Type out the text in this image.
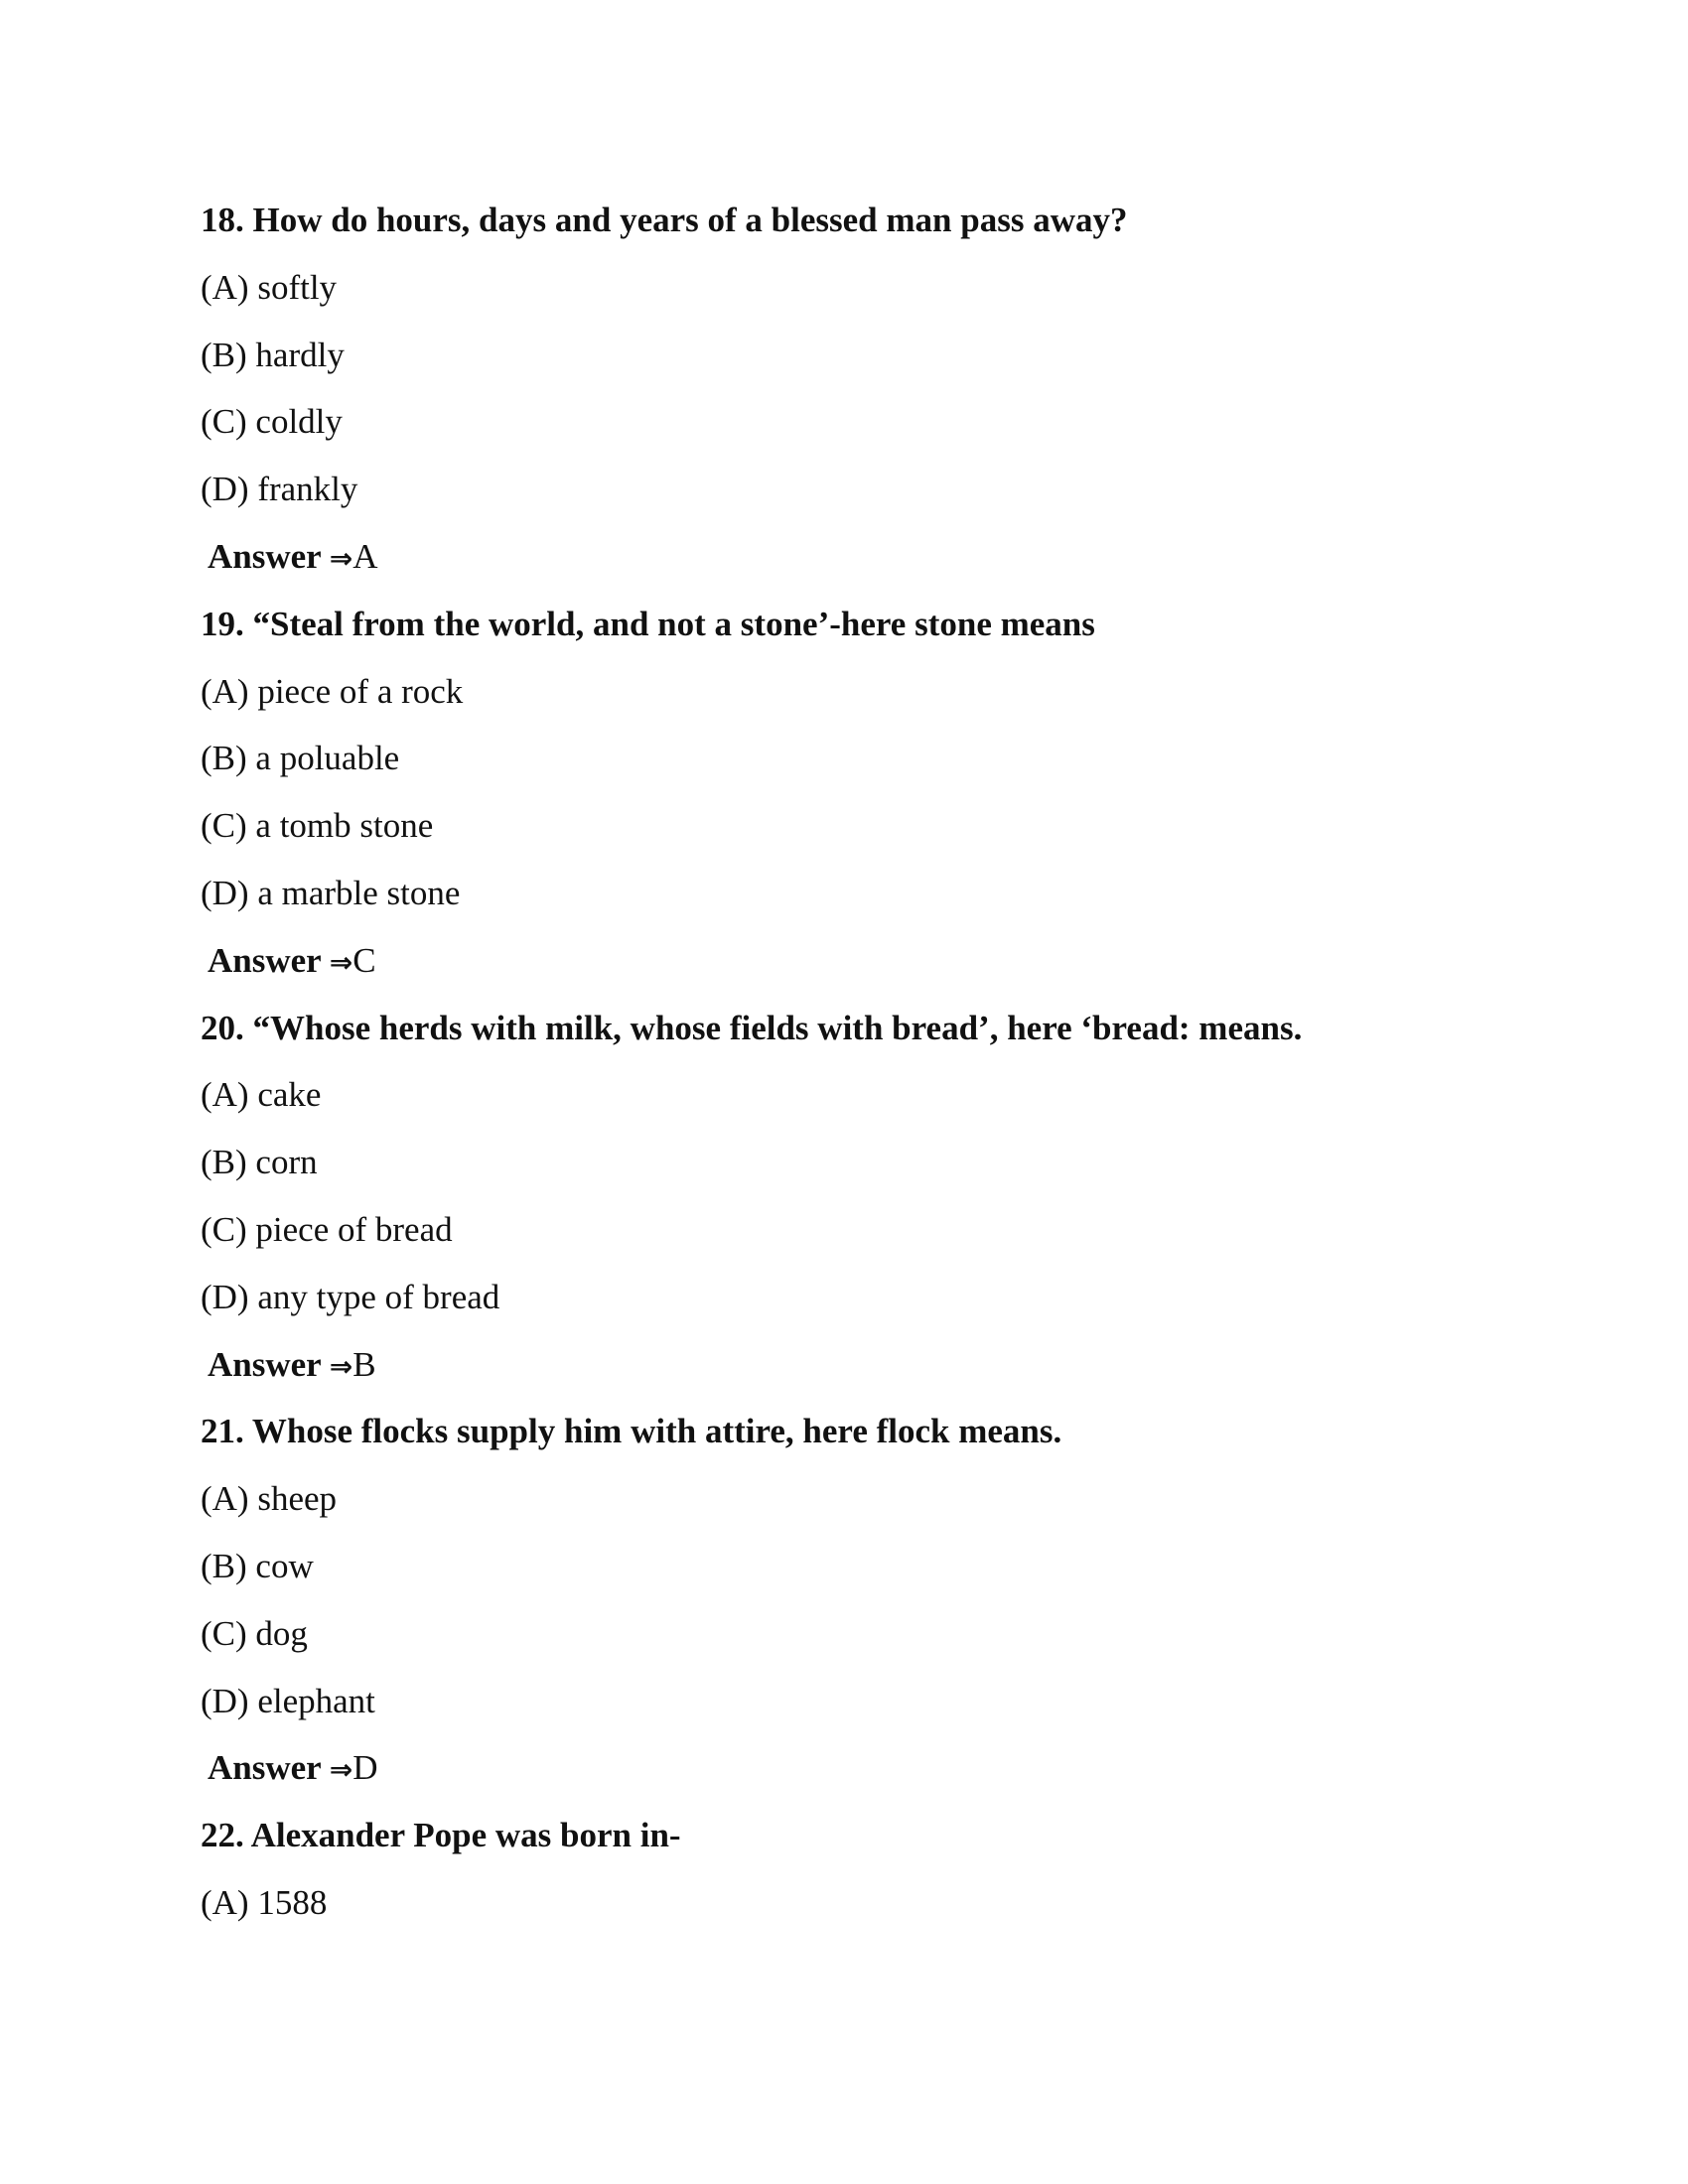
18. How do hours, days and years of a blessed man pass away?
(A) softly
(B) hardly
(C) coldly
(D) frankly
Answer ⇒A
19. “Steal from the world, and not a stone’-here stone means
(A) piece of a rock
(B) a poluable
(C) a tomb stone
(D) a marble stone
Answer ⇒C
20. “Whose herds with milk, whose fields with bread’, here ‘bread: means.
(A) cake
(B) corn
(C) piece of bread
(D) any type of bread
Answer ⇒B
21. Whose flocks supply him with attire, here flock means.
(A) sheep
(B) cow
(C) dog
(D) elephant
Answer ⇒D
22. Alexander Pope was born in-
(A) 1588
